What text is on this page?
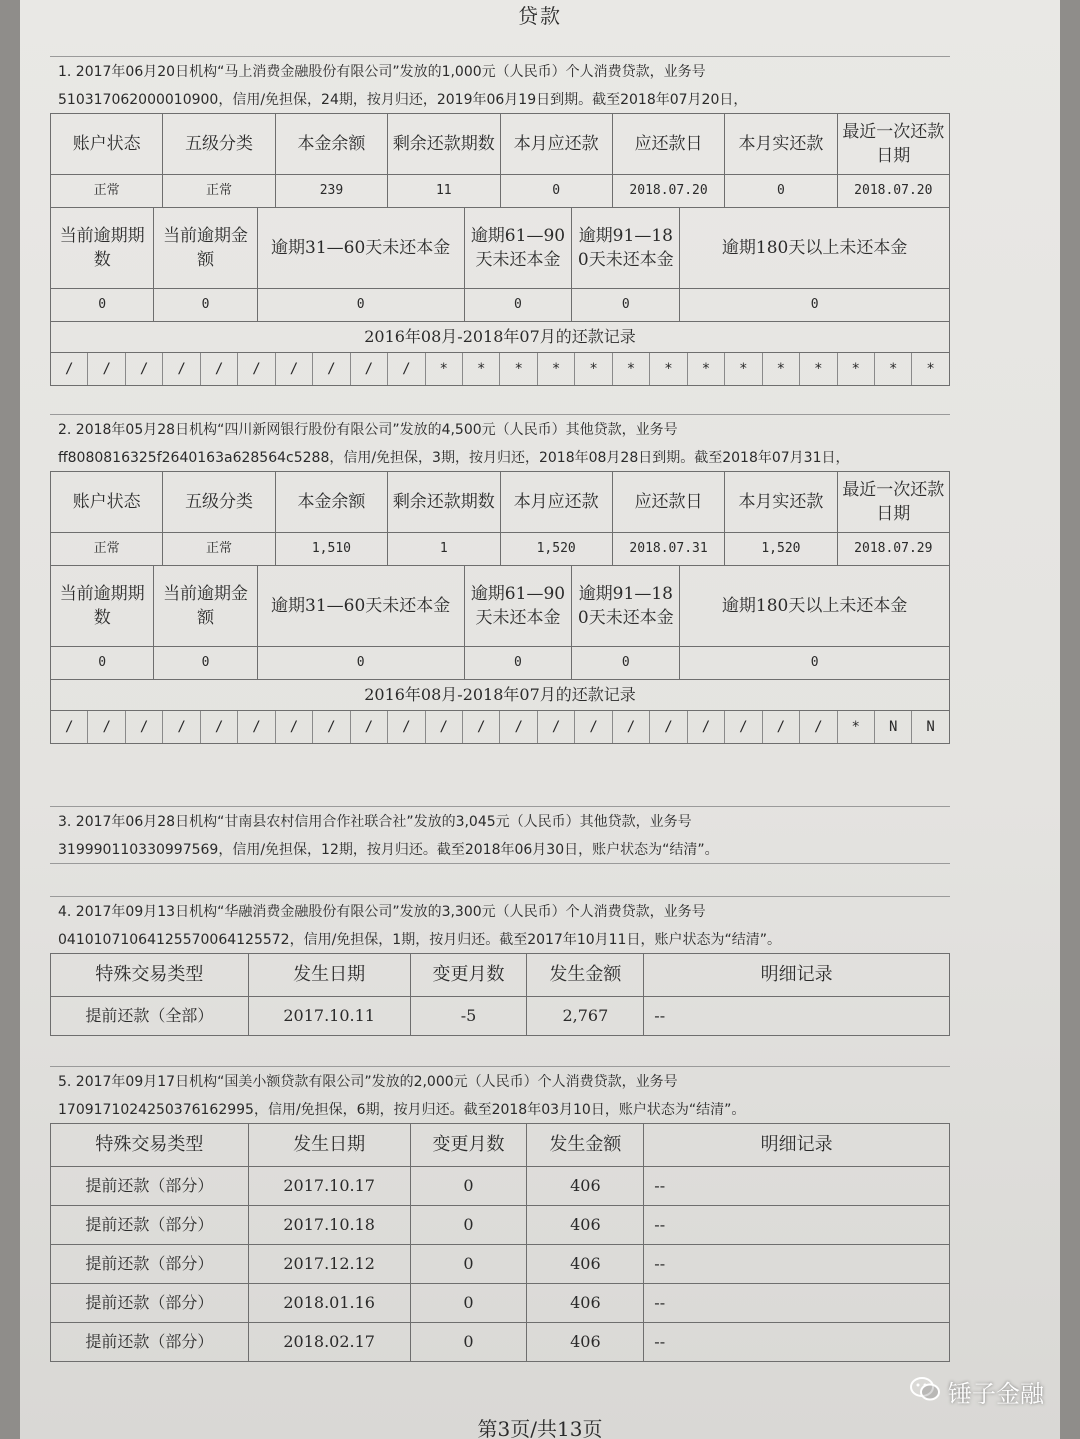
贷款
1. 2017年06月20日机构“马上消费金融股份有限公司”发放的1,000元（人民币）个人消费贷款，业务号
510317062000010900，信用/免担保，24期，按月归还，2019年06月19日到期。截至2018年07月20日，
账户状态	五级分类	本金余额	剩余还款期数	本月应还款	应还款日	本月实还款	最近一次还款日期
正常	正常	239	11	0	2018.07.20	0	2018.07.20
当前逾期期数	当前逾期金额	逾期31—60天未还本金	逾期61—90天未还本金	逾期91—180天未还本金	逾期180天以上未还本金
0	0	0	0	0	0
2016年08月-2018年07月的还款记录
/	/	/	/	/	/	/	/	/	/	*	*	*	*	*	*	*	*	*	*	*	*	*	*
2. 2018年05月28日机构“四川新网银行股份有限公司”发放的4,500元（人民币）其他贷款，业务号
ff8080816325f2640163a628564c5288，信用/免担保，3期，按月归还，2018年08月28日到期。截至2018年07月31日，
账户状态	五级分类	本金余额	剩余还款期数	本月应还款	应还款日	本月实还款	最近一次还款日期
正常	正常	1,510	1	1,520	2018.07.31	1,520	2018.07.29
当前逾期期数	当前逾期金额	逾期31—60天未还本金	逾期61—90天未还本金	逾期91—180天未还本金	逾期180天以上未还本金
0	0	0	0	0	0
2016年08月-2018年07月的还款记录
/	/	/	/	/	/	/	/	/	/	/	/	/	/	/	/	/	/	/	/	/	*	N	N
3. 2017年06月28日机构“甘南县农村信用合作社联合社”发放的3,045元（人民币）其他贷款，业务号
319990110330997569，信用/免担保，12期，按月归还。截至2018年06月30日，账户状态为“结清”。
4. 2017年09月13日机构“华融消费金融股份有限公司”发放的3,300元（人民币）个人消费贷款，业务号
04101071064125570064125572，信用/免担保，1期，按月归还。截至2017年10月11日，账户状态为“结清”。
特殊交易类型	发生日期	变更月数	发生金额	明细记录
提前还款（全部）	2017.10.11	-5	2,767	--
5. 2017年09月17日机构“国美小额贷款有限公司”发放的2,000元（人民币）个人消费贷款，业务号
17091710242503761629​95，信用/免担保，6期，按月归还。截至2018年03月10日，账户状态为“结清”。
特殊交易类型	发生日期	变更月数	发生金额	明细记录
提前还款（部分）	2017.10.17	0	406	--
提前还款（部分）	2017.10.18	0	406	--
提前还款（部分）	2017.12.12	0	406	--
提前还款（部分）	2018.01.16	0	406	--
提前还款（部分）	2018.02.17	0	406	--
第3页/共13页
锤子金融
